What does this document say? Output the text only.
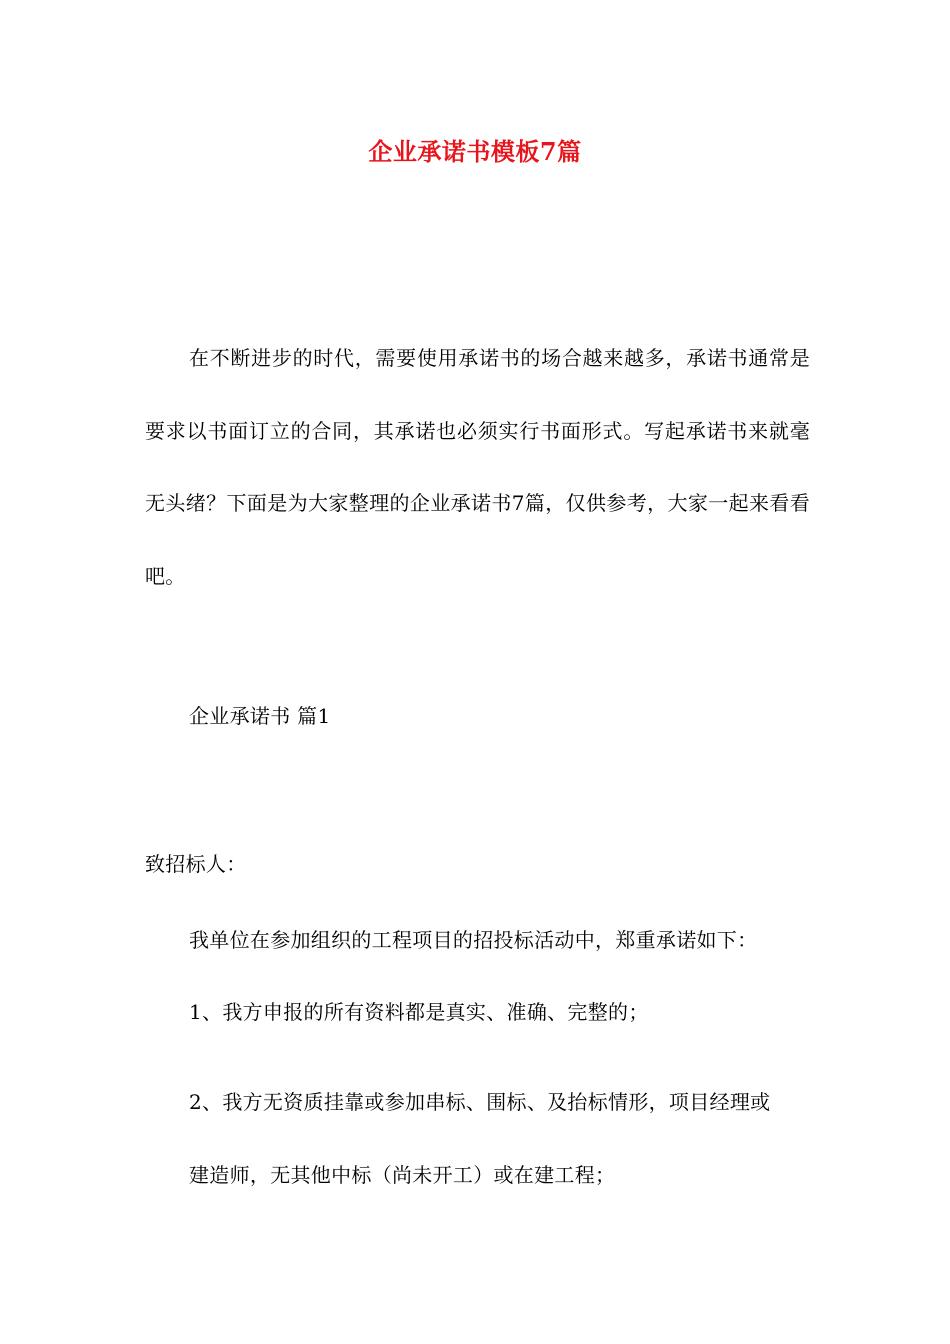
企业承诺书模板7篇

在不断进步的时代，需要使用承诺书的场合越来越多，承诺书通常是要求以书面订立的合同，其承诺也必须实行书面形式。写起承诺书来就毫无头绪？下面是为大家整理的企业承诺书7篇，仅供参考，大家一起来看看吧。

企业承诺书 篇1

致招标人：

我单位在参加组织的工程项目的招投标活动中，郑重承诺如下：

1、我方申报的所有资料都是真实、准确、完整的；

2、我方无资质挂靠或参加串标、围标、及抬标情形，项目经理或建造师，无其他中标（尚未开工）或在建工程；
